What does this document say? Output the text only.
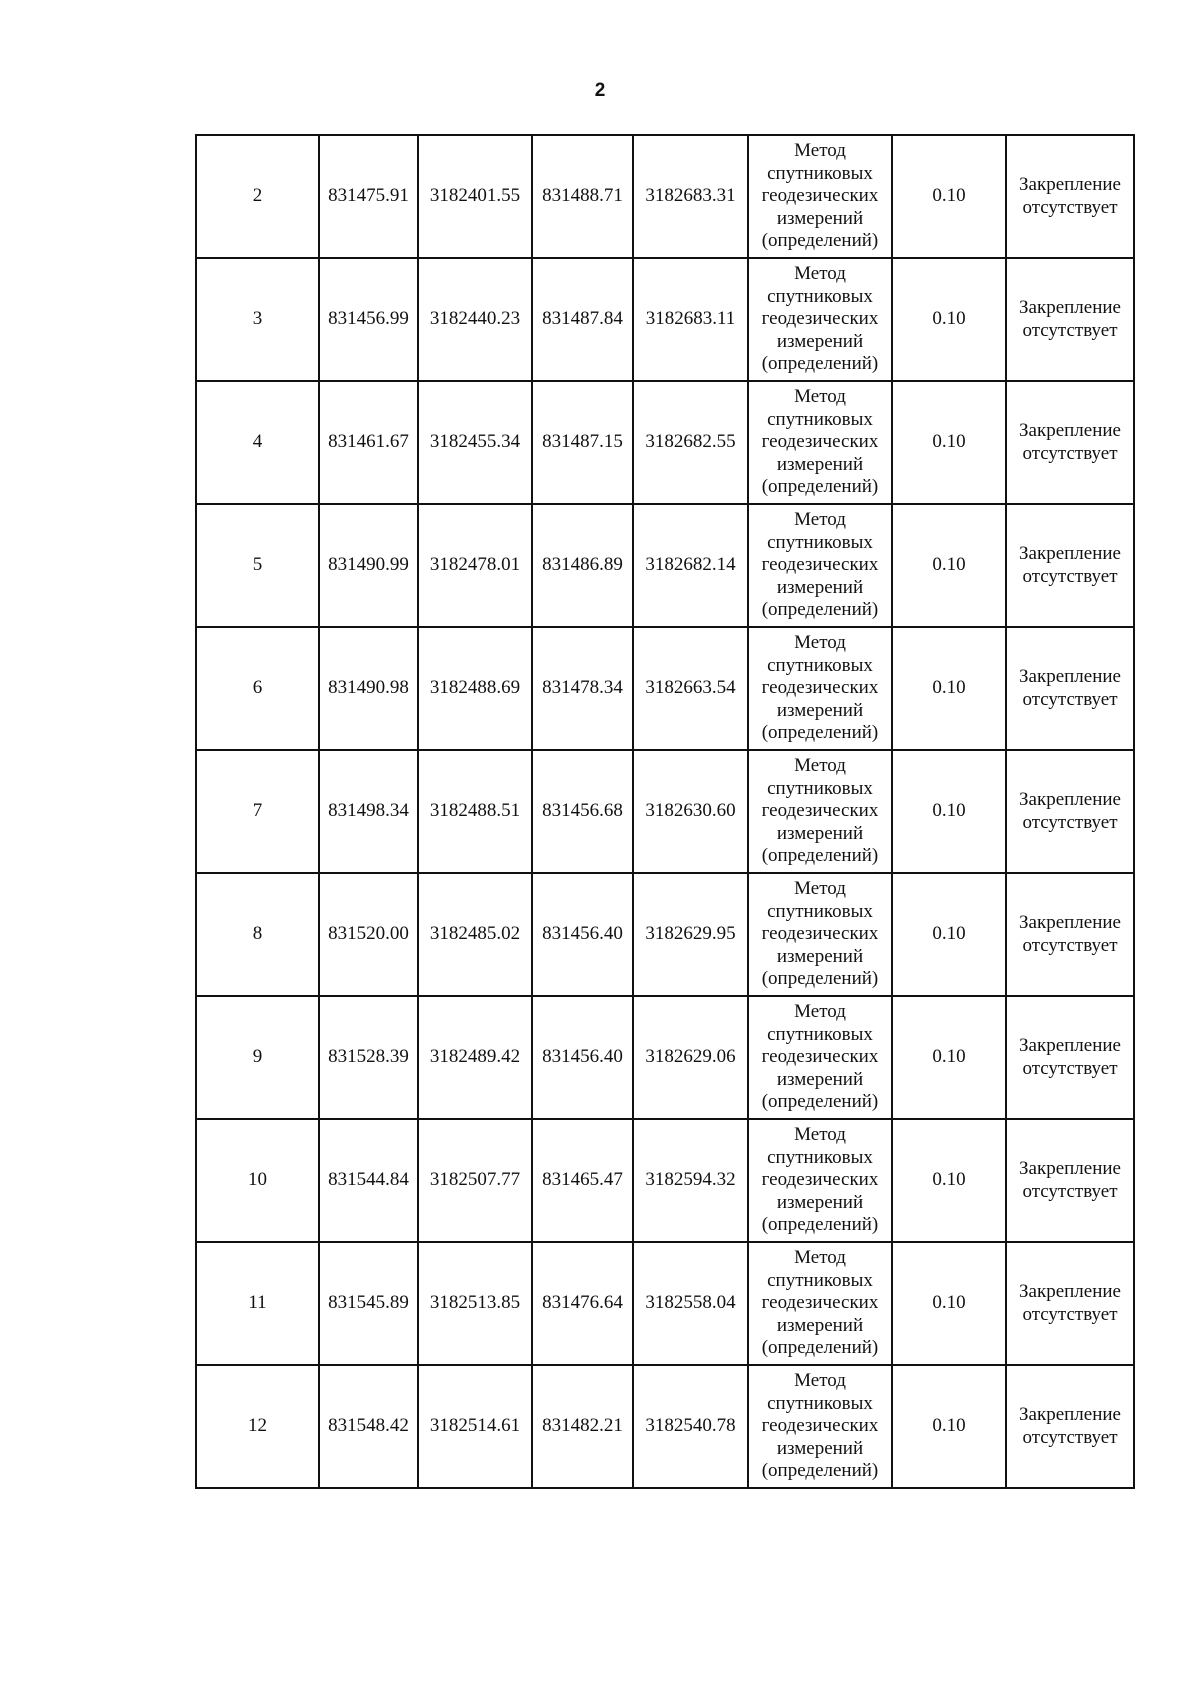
2
2	831475.91	3182401.55	831488.71	3182683.31	Метод
спутниковых
геодезических
измерений
(определений)	0.10	Закрепление
отсутствует

3	831456.99	3182440.23	831487.84	3182683.11	Метод
спутниковых
геодезических
измерений
(определений)	0.10	Закрепление
отсутствует

4	831461.67	3182455.34	831487.15	3182682.55	Метод
спутниковых
геодезических
измерений
(определений)	0.10	Закрепление
отсутствует

5	831490.99	3182478.01	831486.89	3182682.14	Метод
спутниковых
геодезических
измерений
(определений)	0.10	Закрепление
отсутствует

6	831490.98	3182488.69	831478.34	3182663.54	Метод
спутниковых
геодезических
измерений
(определений)	0.10	Закрепление
отсутствует

7	831498.34	3182488.51	831456.68	3182630.60	Метод
спутниковых
геодезических
измерений
(определений)	0.10	Закрепление
отсутствует

8	831520.00	3182485.02	831456.40	3182629.95	Метод
спутниковых
геодезических
измерений
(определений)	0.10	Закрепление
отсутствует

9	831528.39	3182489.42	831456.40	3182629.06	Метод
спутниковых
геодезических
измерений
(определений)	0.10	Закрепление
отсутствует

10	831544.84	3182507.77	831465.47	3182594.32	Метод
спутниковых
геодезических
измерений
(определений)	0.10	Закрепление
отсутствует

11	831545.89	3182513.85	831476.64	3182558.04	Метод
спутниковых
геодезических
измерений
(определений)	0.10	Закрепление
отсутствует

12	831548.42	3182514.61	831482.21	3182540.78	Метод
спутниковых
геодезических
измерений
(определений)	0.10	Закрепление
отсутствует
